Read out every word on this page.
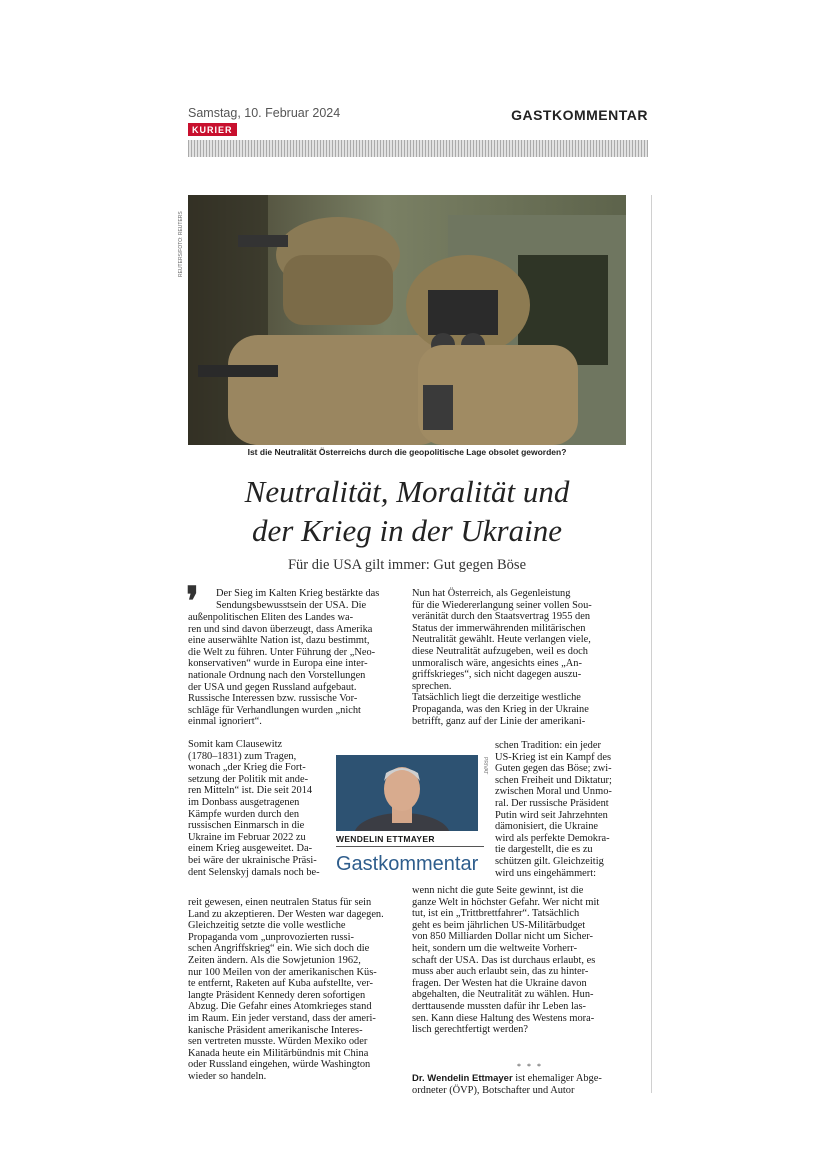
Samstag, 10. Februar 2024
KURIER
GASTKOMMENTAR
REUTERS/FOTO: REUTERS
Ist die Neutralität Österreichs durch die geopolitische Lage obsolet geworden?
Neutralität, Moralität und
der Krieg in der Ukraine
Für die USA gilt immer: Gut gegen Böse
❜ Der Sieg im Kalten Krieg bestärkte das
Sendungsbewusstsein der USA. Die
außenpolitischen Eliten des Landes wa-
ren und sind davon überzeugt, dass Amerika
eine auserwählte Nation ist, dazu bestimmt,
die Welt zu führen. Unter Führung der „Neo-
konservativen“ wurde in Europa eine inter-
nationale Ordnung nach den Vorstellungen
der USA und gegen Russland aufgebaut.
Russische Interessen bzw. russische Vor-
schläge für Verhandlungen wurden „nicht
einmal ignoriert“.
Somit kam Clausewitz
(1780–1831) zum Tragen,
wonach „der Krieg die Fort-
setzung der Politik mit ande-
ren Mitteln“ ist. Die seit 2014
im Donbass ausgetragenen
Kämpfe wurden durch den
russischen Einmarsch in die
Ukraine im Februar 2022 zu
einem Krieg ausgeweitet. Da-
bei wäre der ukrainische Präsi-
dent Selenskyj damals noch be-
reit gewesen, einen neutralen Status für sein
Land zu akzeptieren. Der Westen war dagegen.
Gleichzeitig setzte die volle westliche
Propaganda vom „unprovozierten russi-
schen Angriffskrieg“ ein. Wie sich doch die
Zeiten ändern. Als die Sowjetunion 1962,
nur 100 Meilen von der amerikanischen Küs-
te entfernt, Raketen auf Kuba aufstellte, ver-
langte Präsident Kennedy deren sofortigen
Abzug. Die Gefahr eines Atomkrieges stand
im Raum. Ein jeder verstand, dass der ameri-
kanische Präsident amerikanische Interes-
sen vertreten musste. Würden Mexiko oder
Kanada heute ein Militärbündnis mit China
oder Russland eingehen, würde Washington
wieder so handeln.
PRIVAT
WENDELIN ETTMAYER
Gastkommentar
Nun hat Österreich, als Gegenleistung
für die Wiedererlangung seiner vollen Sou-
veränität durch den Staatsvertrag 1955 den
Status der immerwährenden militärischen
Neutralität gewählt. Heute verlangen viele,
diese Neutralität aufzugeben, weil es doch
unmoralisch wäre, angesichts eines „An-
griffskrieges“, sich nicht dagegen auszu-
sprechen.
Tatsächlich liegt die derzeitige westliche
Propaganda, was den Krieg in der Ukraine
betrifft, ganz auf der Linie der amerikani-
schen Tradition: ein jeder
US-Krieg ist ein Kampf des
Guten gegen das Böse; zwi-
schen Freiheit und Diktatur;
zwischen Moral und Unmo-
ral. Der russische Präsident
Putin wird seit Jahrzehnten
dämonisiert, die Ukraine
wird als perfekte Demokra-
tie dargestellt, die es zu
schützen gilt. Gleichzeitig
wird uns eingehämmert:
wenn nicht die gute Seite gewinnt, ist die
ganze Welt in höchster Gefahr. Wer nicht mit
tut, ist ein „Trittbrettfahrer“. Tatsächlich
geht es beim jährlichen US-Militärbudget
von 850 Milliarden Dollar nicht um Sicher-
heit, sondern um die weltweite Vorherr-
schaft der USA. Das ist durchaus erlaubt, es
muss aber auch erlaubt sein, das zu hinter-
fragen. Der Westen hat die Ukraine davon
abgehalten, die Neutralität zu wählen. Hun-
derttausende mussten dafür ihr Leben las-
sen. Kann diese Haltung des Westens mora-
lisch gerechtfertigt werden?
* * *
Dr. Wendelin Ettmayer ist ehemaliger Abge-
ordneter (ÖVP), Botschafter und Autor
